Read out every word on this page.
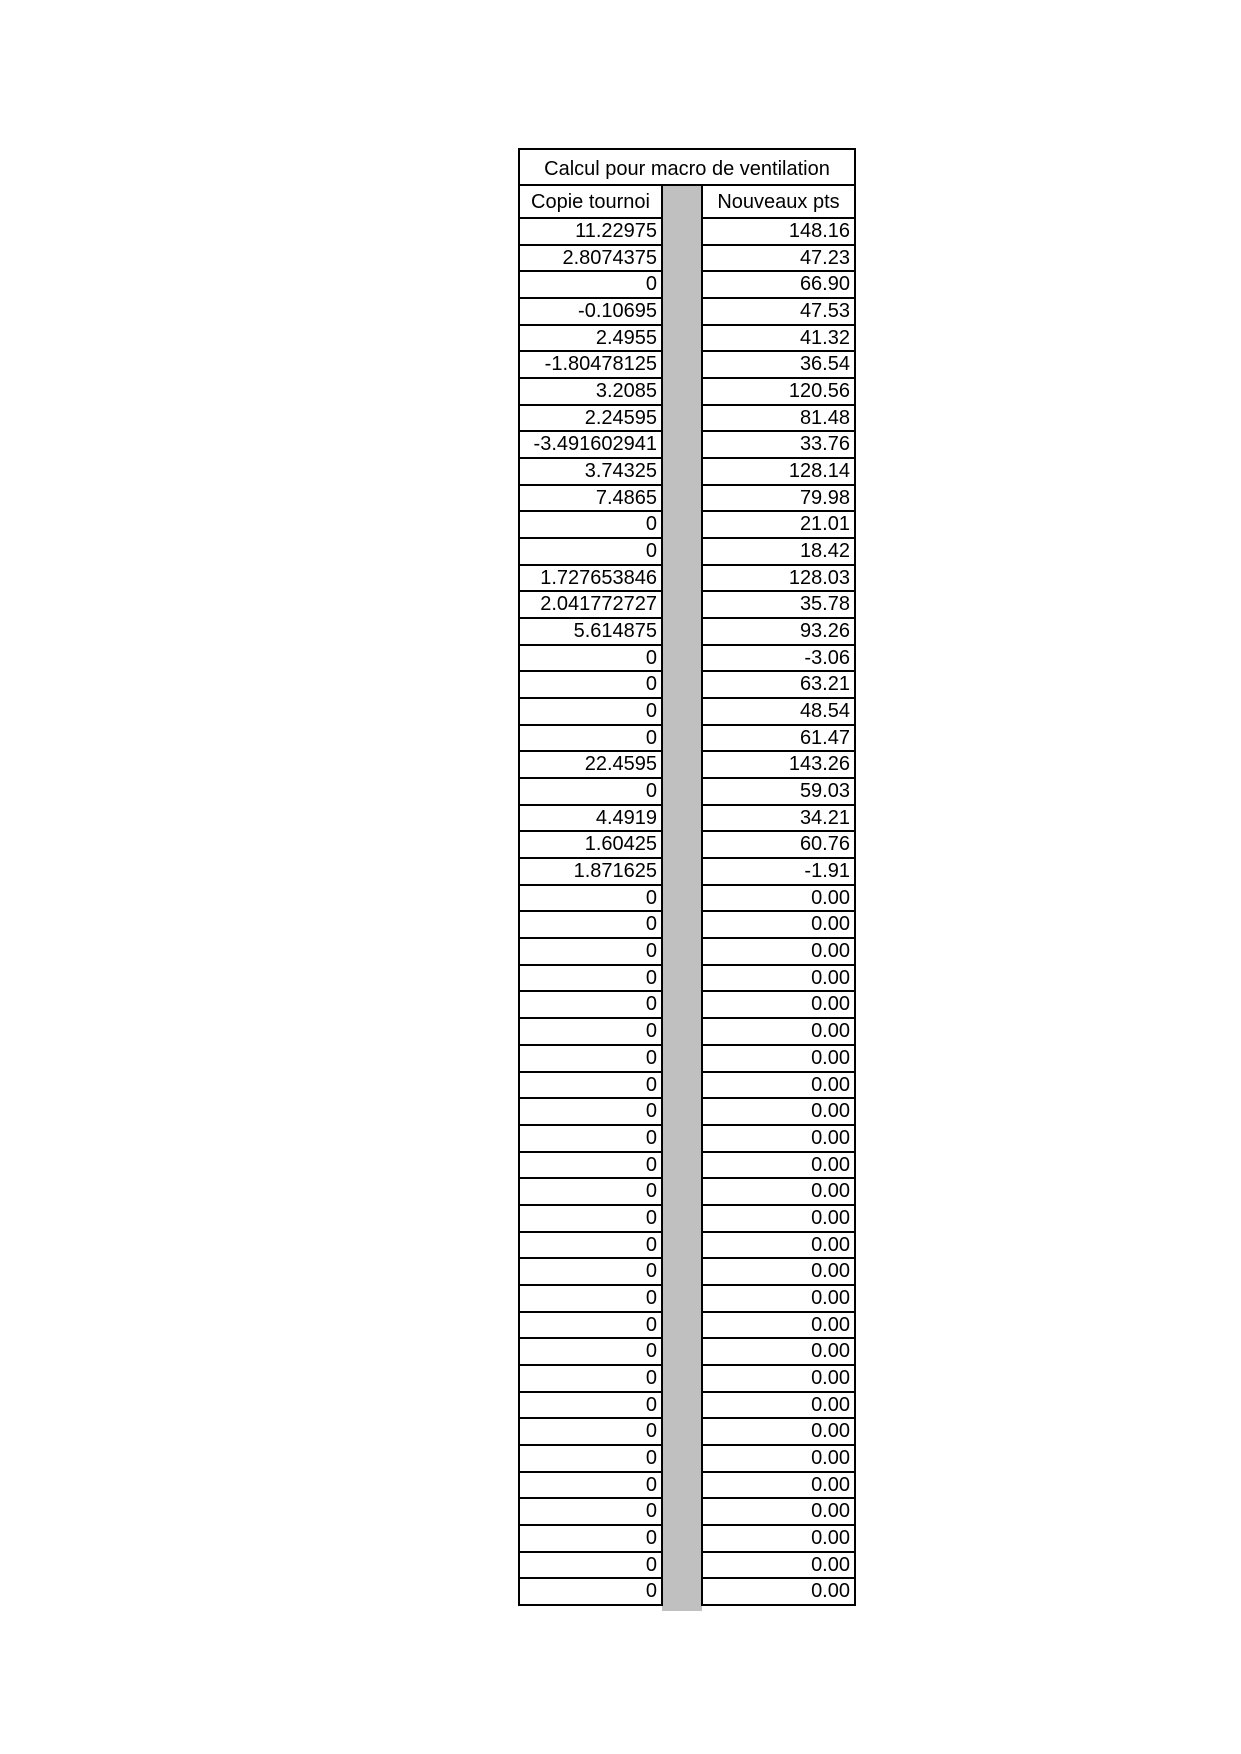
Calcul pour macro de ventilation
Copie tournoi
11.22975
2.8074375
0
-0.10695
2.4955
-1.80478125
3.2085
2.24595
-3.491602941
3.74325
7.4865
0
0
1.727653846
2.041772727
5.614875
0
0
0
0
22.4595
0
4.4919
1.60425
1.871625
0
0
0
0
0
0
0
0
0
0
0
0
0
0
0
0
0
0
0
0
0
0
0
0
0
0
0
Nouveaux pts
148.16
47.23
66.90
47.53
41.32
36.54
120.56
81.48
33.76
128.14
79.98
21.01
18.42
128.03
35.78
93.26
-3.06
63.21
48.54
61.47
143.26
59.03
34.21
60.76
-1.91
0.00
0.00
0.00
0.00
0.00
0.00
0.00
0.00
0.00
0.00
0.00
0.00
0.00
0.00
0.00
0.00
0.00
0.00
0.00
0.00
0.00
0.00
0.00
0.00
0.00
0.00
0.00
